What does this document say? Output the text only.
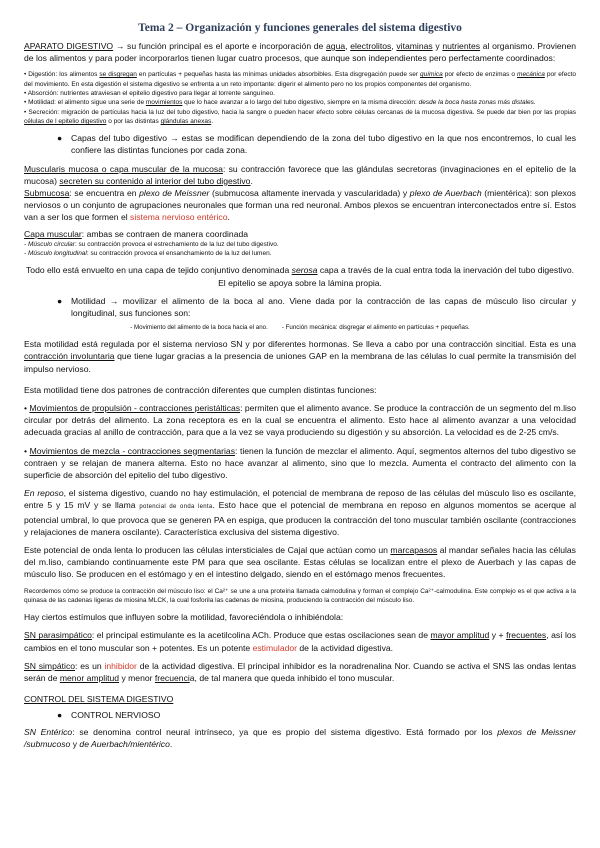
Tema 2 – Organización y funciones generales del sistema digestivo

APARATO DIGESTIVO → su función principal es el aporte e incorporación de agua, electrolitos, vitaminas y nutrientes al organismo. Provienen de los alimentos y para poder incorporarlos tienen lugar cuatro procesos, que aunque son independientes pero perfectamente coordinados:

• Digestión: los alimentos se disgregan en partículas + pequeñas hasta las mínimas unidades absorbibles. Esta disgregación puede ser química por efecto de enzimas o mecánica por efecto del movimiento. En esta digestión el sistema digestivo se enfrenta a un reto importante: digerir el alimento pero no los propios componentes del organismo.

• Absorción: nutrientes atraviesan el epitelio digestivo para llegar al torrente sanguíneo.

• Motilidad: el alimento sigue una serie de movimientos que lo hace avanzar a lo largo del tubo digestivo, siempre en la misma dirección: desde la boca hasta zonas más distales.

• Secreción: migración de partículas hacia la luz del tubo digestivo, hacia la sangre o pueden hacer efecto sobre células cercanas de la mucosa digestiva. Se puede dar bien por las propias células de l epitelio digestivo o por las distintas glándulas anexas.

● Capas del tubo digestivo → estas se modifican dependiendo de la zona del tubo digestivo en la que nos encontremos, lo cual les confiere las distintas funciones por cada zona.

Muscularis mucosa o capa muscular de la mucosa: su contracción favorece que las glándulas secretoras (invaginaciones en el epitelio de la mucosa) secreten su contenido al interior del tubo digestivo.

Submucosa: se encuentra en plexo de Meissner (submucosa altamente inervada y vascularidada) y plexo de Auerbach (mientérica): son plexos nerviosos o un conjunto de agrupaciones neuronales que forman una red neuronal. Ambos plexos se encuentran interconectados entre sí. Estos van a ser los que formen el sistema nervioso entérico.

Capa muscular: ambas se contraen de manera coordinada

- Músculo circular: su contracción provoca el estrechamiento de la luz del tubo digestivo.

- Músculo longitudinal: su contracción provoca el ensanchamiento de la luz del lumen.

Todo ello está envuelto en una capa de tejido conjuntivo denominada serosa capa a través de la cual entra toda la inervación del tubo digestivo. El epitelio se apoya sobre la lámina propia.

● Motilidad → movilizar el alimento de la boca al ano. Viene dada por la contracción de las capas de músculo liso circular y longitudinal, sus funciones son:

- Movimiento del alimento de la boca hacia el ano. - Función mecánica: disgregar el alimento en partículas + pequeñas.

Esta motilidad está regulada por el sistema nervioso SN y por diferentes hormonas. Se lleva a cabo por una contracción sincitial. Esta es una contracción involuntaria que tiene lugar gracias a la presencia de uniones GAP en la membrana de las células lo cual permite la transmisión del impulso nervioso.

Esta motilidad tiene dos patrones de contracción diferentes que cumplen distintas funciones:

• Movimientos de propulsión - contracciones peristálticas: permiten que el alimento avance. Se produce la contracción de un segmento del m.liso circular por detrás del alimento. La zona receptora es en la cual se encuentra el alimento. Esto hace al alimento avanzar a una velocidad adecuada gracias al anillo de contracción, para que a la vez se vaya produciendo su digestión y su absorción. La velocidad es de 2-25 cm/s.

• Movimientos de mezcla - contracciones segmentarias: tienen la función de mezclar el alimento. Aquí, segmentos alternos del tubo digestivo se contraen y se relajan de manera alterna. Esto no hace avanzar al alimento, sino que lo mezcla. Aumenta el contracto del alimento con la superficie de absorción del epitelio del tubo digestivo.

En reposo, el sistema digestivo, cuando no hay estimulación, el potencial de membrana de reposo de las células del músculo liso es oscilante, entre 5 y 15 mV y se llama potencial de onda lenta. Esto hace que el potencial de membrana en reposo en algunos momentos se acerque al potencial umbral, lo que provoca que se generen PA en espiga, que producen la contracción del tono muscular también oscilante (contracciones y relajaciones de manera oscilante). Característica exclusiva del sistema digestivo.

Este potencial de onda lenta lo producen las células intersticiales de Cajal que actúan como un marcapasos al mandar señales hacia las células del m.liso, cambiando continuamente este PM para que sea oscilante. Estas células se localizan entre el plexo de Auerbach y las capas de músculo liso. Se producen en el estómago y en el intestino delgado, siendo en el estómago menos frecuentes.

Recordemos cómo se produce la contracción del músculo liso: el Ca²⁺ se une a una proteína llamada calmodulina y forman el complejo Ca²⁺-calmodulina. Este complejo es el que activa a la quinasa de las cadenas ligeras de miosina MLCK, la cual fosforila las cadenas de miosina, produciendo la contracción del músculo liso.

Hay ciertos estímulos que influyen sobre la motilidad, favoreciéndola o inhibiéndola:

SN parasimpático: el principal estimulante es la acetilcolina ACh. Produce que estas oscilaciones sean de mayor amplitud y + frecuentes, así los cambios en el tono muscular son + potentes. Es un potente estimulador de la actividad digestiva.

SN simpático: es un inhibidor de la actividad digestiva. El principal inhibidor es la noradrenalina Nor. Cuando se activa el SNS las ondas lentas serán de menor amplitud y menor frecuencia, de tal manera que queda inhibido el tono muscular.

CONTROL DEL SISTEMA DIGESTIVO

● CONTROL NERVIOSO

SN Entérico: se denomina control neural intrínseco, ya que es propio del sistema digestivo. Está formado por los plexos de Meissner /submucoso y de Auerbach/mientérico.
